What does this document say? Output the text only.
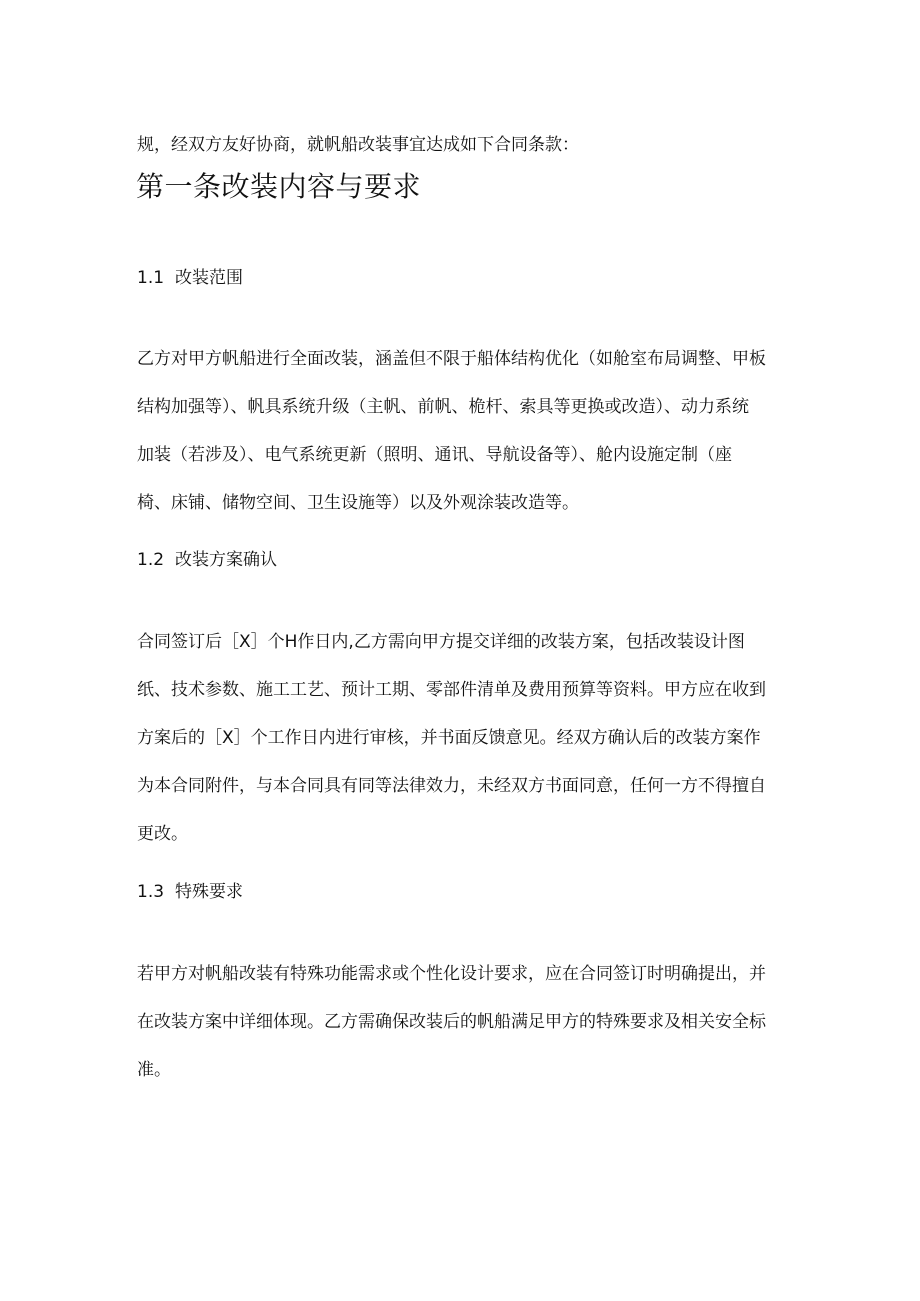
规，经双方友好协商，就帆船改装事宜达成如下合同条款：
第一条改装内容与要求
1.1 改装范围
乙方对甲方帆船进行全面改装，涵盖但不限于船体结构优化（如舱室布局调整、甲板
结构加强等）、帆具系统升级（主帆、前帆、桅杆、索具等更换或改造）、动力系统
加装（若涉及）、电气系统更新（照明、通讯、导航设备等）、舱内设施定制（座
椅、床铺、储物空间、卫生设施等）以及外观涂装改造等。
1.2 改装方案确认
合同签订后［X］个H作日内,乙方需向甲方提交详细的改装方案，包括改装设计图
纸、技术参数、施工工艺、预计工期、零部件清单及费用预算等资料。甲方应在收到
方案后的［X］个工作日内进行审核，并书面反馈意见。经双方确认后的改装方案作
为本合同附件，与本合同具有同等法律效力，未经双方书面同意，任何一方不得擅自
更改。
1.3 特殊要求
若甲方对帆船改装有特殊功能需求或个性化设计要求，应在合同签订时明确提出，并
在改装方案中详细体现。乙方需确保改装后的帆船满足甲方的特殊要求及相关安全标
准。
